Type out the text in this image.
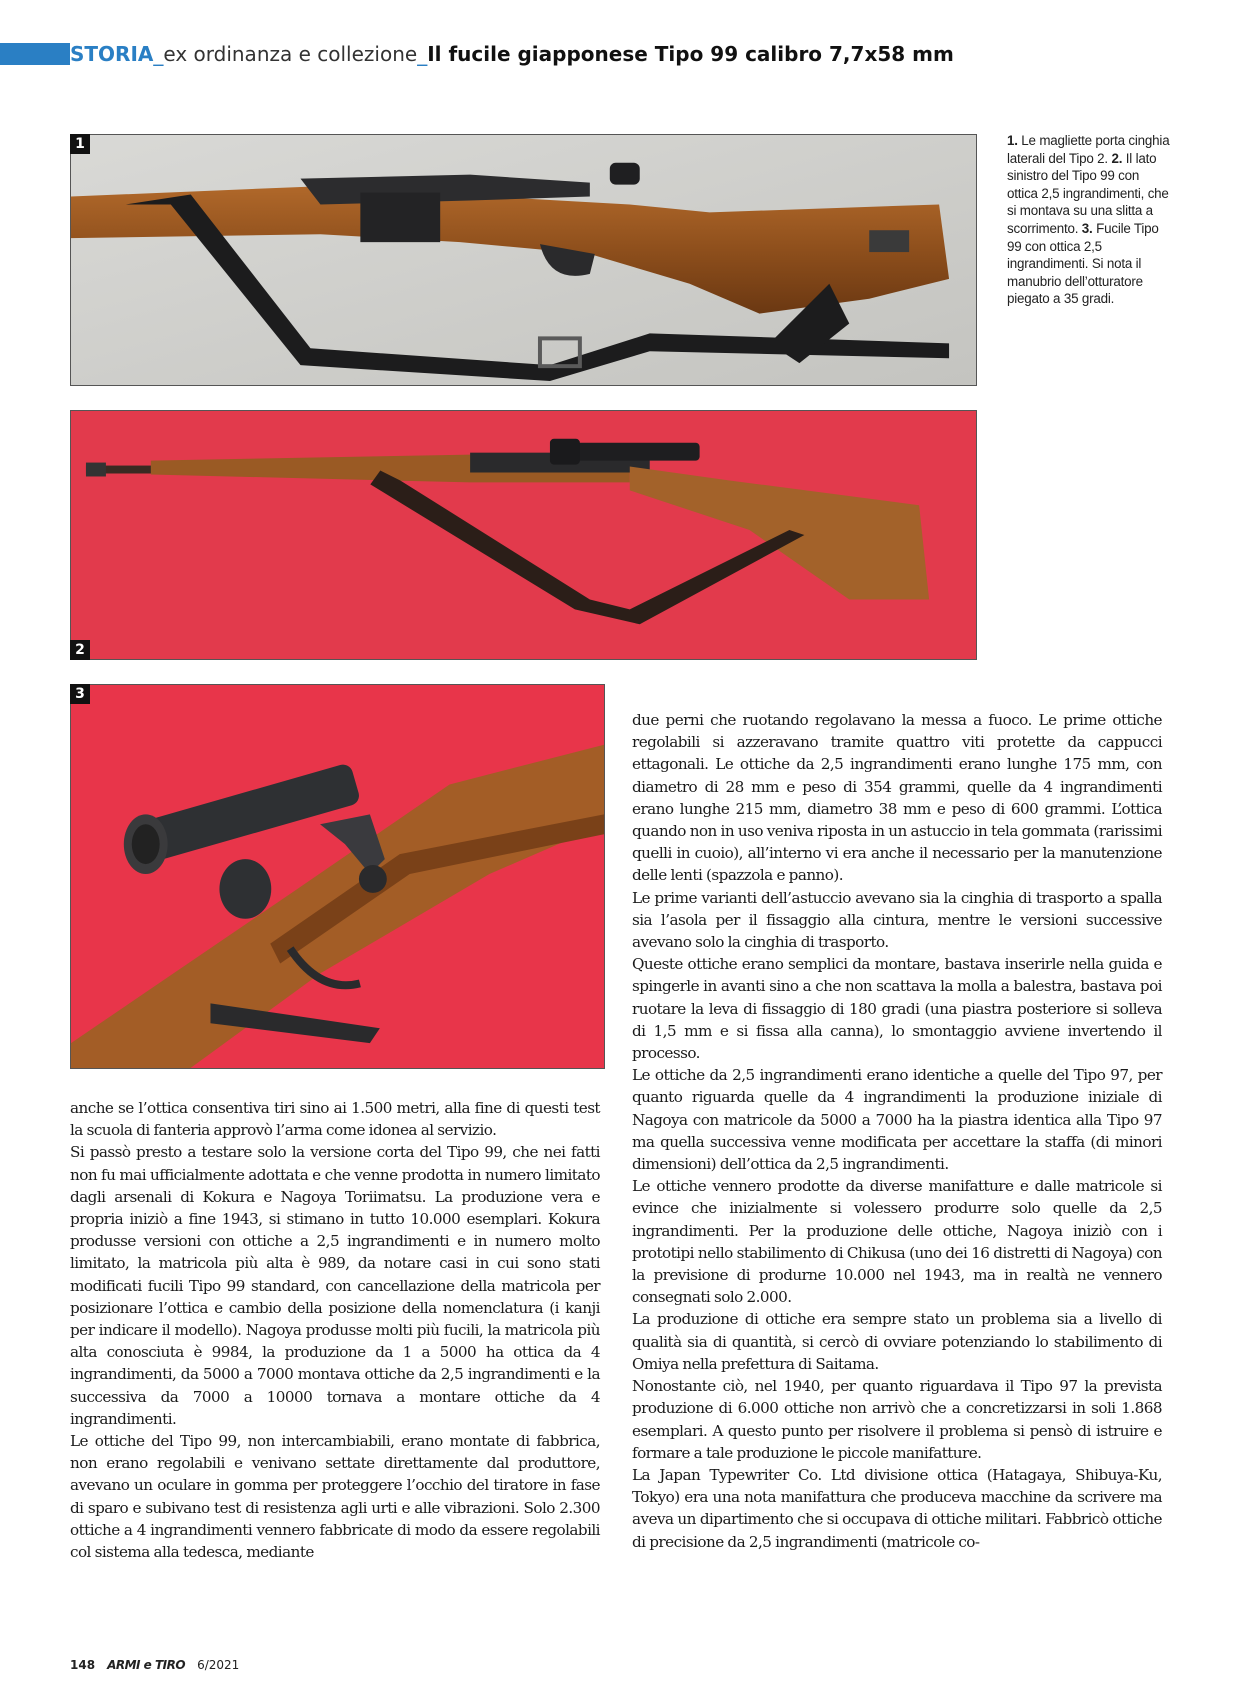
STORIA _ ex ordinanza e collezione _ Il fucile giapponese Tipo 99 calibro 7,7x58 mm
1	1. Le magliette porta cinghia laterali del Tipo 2. 2. Il lato sinistro del Tipo 99 con ottica 2,5 ingrandimenti, che si montava su una slitta a scorrimento. 3. Fucile Tipo 99 con ottica 2,5 ingrandimenti. Si nota il manubrio dell’otturatore piegato a 35 gradi.
2
3

anche se l’ottica consentiva tiri sino ai 1.500 metri, alla fine di questi test la scuola di fanteria approvò l’arma come idonea al servizio.

Si passò presto a testare solo la versione corta del Tipo 99, che nei fatti non fu mai ufficialmente adottata e che venne prodotta in numero limitato dagli arsenali di Kokura e Nagoya Toriimatsu. La produzione vera e propria iniziò a fine 1943, si stimano in tutto 10.000 esemplari. Kokura produsse versioni con ottiche a 2,5 ingrandimenti e in numero molto limitato, la matricola più alta è 989, da notare casi in cui sono stati modificati fucili Tipo 99 standard, con cancellazione della matricola per posizionare l’ottica e cambio della posizione della nomenclatura (i kanji per indicare il modello). Nagoya produsse molti più fucili, la matricola più alta conosciuta è 9984, la produzione da 1 a 5000 ha ottica da 4 ingrandimenti, da 5000 a 7000 montava ottiche da 2,5 ingrandimenti e la successiva da 7000 a 10000 tornava a montare ottiche da 4 ingrandimenti.

Le ottiche del Tipo 99, non intercambiabili, erano montate di fabbrica, non erano regolabili e venivano settate direttamente dal produttore, avevano un oculare in gomma per proteggere l’occhio del tiratore in fase di sparo e subivano test di resistenza agli urti e alle vibrazioni. Solo 2.300 ottiche a 4 ingrandimenti vennero fabbricate di modo da essere regolabili col sistema alla tedesca, mediante

due perni che ruotando regolavano la messa a fuoco. Le prime ottiche regolabili si azzeravano tramite quattro viti protette da cappucci ettagonali. Le ottiche da 2,5 ingrandimenti erano lunghe 175 mm, con diametro di 28 mm e peso di 354 grammi, quelle da 4 ingrandimenti erano lunghe 215 mm, diametro 38 mm e peso di 600 grammi. L’ottica quando non in uso veniva riposta in un astuccio in tela gommata (rarissimi quelli in cuoio), all’interno vi era anche il necessario per la manutenzione delle lenti (spazzola e panno).

Le prime varianti dell’astuccio avevano sia la cinghia di trasporto a spalla sia l’asola per il fissaggio alla cintura, mentre le versioni successive avevano solo la cinghia di trasporto.

Queste ottiche erano semplici da montare, bastava inserirle nella guida e spingerle in avanti sino a che non scattava la molla a balestra, bastava poi ruotare la leva di fissaggio di 180 gradi (una piastra posteriore si solleva di 1,5 mm e si fissa alla canna), lo smontaggio avviene invertendo il processo.

Le ottiche da 2,5 ingrandimenti erano identiche a quelle del Tipo 97, per quanto riguarda quelle da 4 ingrandimenti la produzione iniziale di Nagoya con matricole da 5000 a 7000 ha la piastra identica alla Tipo 97 ma quella successiva venne modificata per accettare la staffa (di minori dimensioni) dell’ottica da 2,5 ingrandimenti.

Le ottiche vennero prodotte da diverse manifatture e dalle matricole si evince che inizialmente si volessero produrre solo quelle da 2,5 ingrandimenti. Per la produzione delle ottiche, Nagoya iniziò con i prototipi nello stabilimento di Chikusa (uno dei 16 distretti di Nagoya) con la previsione di produrne 10.000 nel 1943, ma in realtà ne vennero consegnati solo 2.000.

La produzione di ottiche era sempre stato un problema sia a livello di qualità sia di quantità, si cercò di ovviare potenziando lo stabilimento di Omiya nella prefettura di Saitama.

Nonostante ciò, nel 1940, per quanto riguardava il Tipo 97 la prevista produzione di 6.000 ottiche non arrivò che a concretizzarsi in soli 1.868 esemplari. A questo punto per risolvere il problema si pensò di istruire e formare a tale produzione le piccole manifatture.

La Japan Typewriter Co. Ltd divisione ottica (Hatagaya, Shibuya-Ku, Tokyo) era una nota manifattura che produceva macchine da scrivere ma aveva un dipartimento che si occupava di ottiche militari. Fabbricò ottiche di precisione da 2,5 ingrandimenti (matricole co-

148 ARMI e TIRO 6/2021
